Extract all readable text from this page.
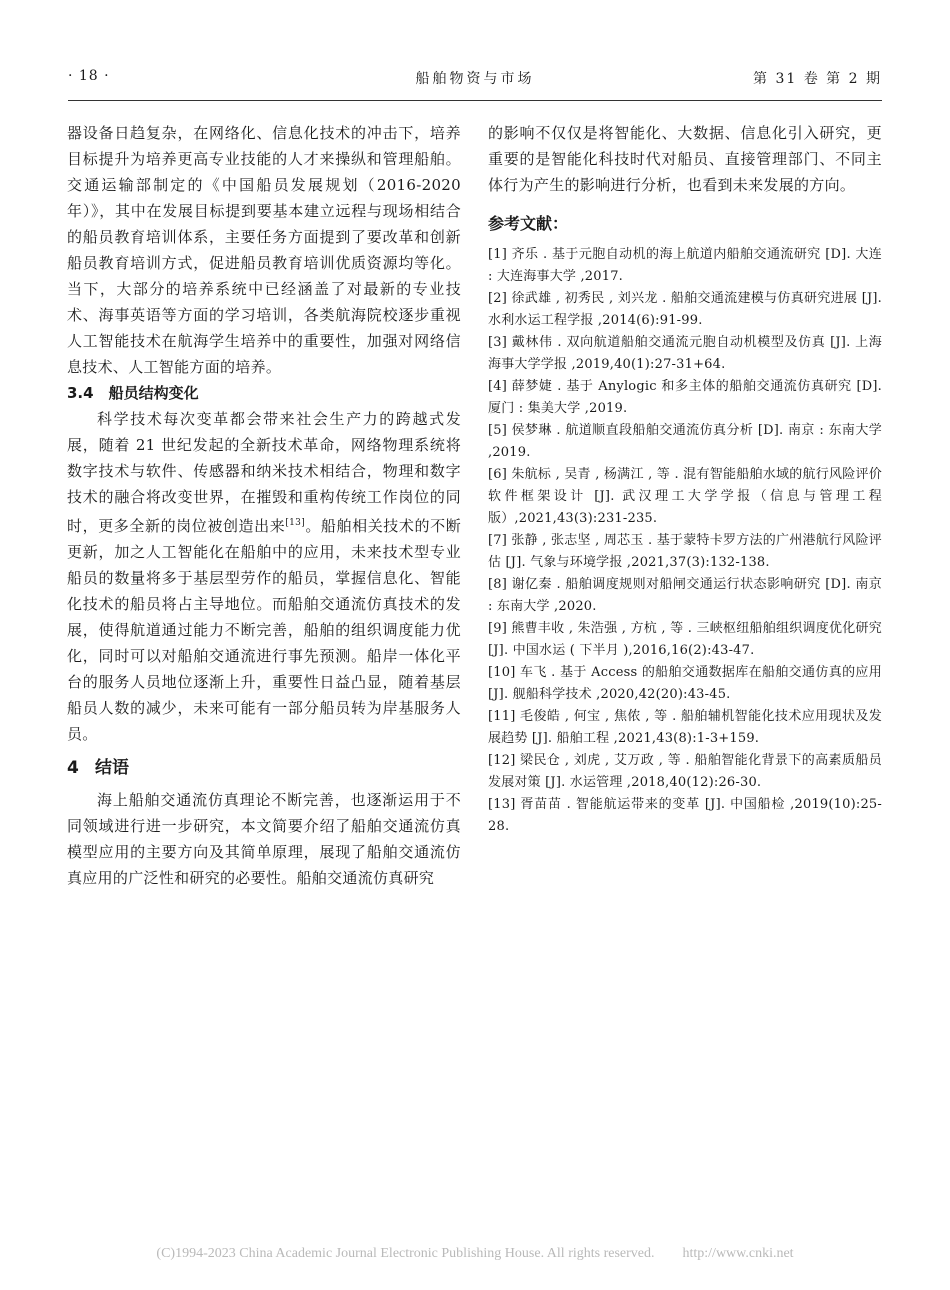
· 18 ·	船舶物资与市场	第 31 卷 第 2 期

器设备日趋复杂，在网络化、信息化技术的冲击下，培养目标提升为培养更高专业技能的人才来操纵和管理船舶。交通运输部制定的《中国船员发展规划（2016-2020 年）》，其中在发展目标提到要基本建立远程与现场相结合的船员教育培训体系，主要任务方面提到了要改革和创新船员教育培训方式，促进船员教育培训优质资源均等化。当下，大部分的培养系统中已经涵盖了对最新的专业技术、海事英语等方面的学习培训，各类航海院校逐步重视人工智能技术在航海学生培养中的重要性，加强对网络信息技术、人工智能方面的培养。

3.4　船员结构变化

科学技术每次变革都会带来社会生产力的跨越式发展，随着 21 世纪发起的全新技术革命，网络物理系统将数字技术与软件、传感器和纳米技术相结合，物理和数字技术的融合将改变世界，在摧毁和重构传统工作岗位的同时，更多全新的岗位被创造出来[13]。船舶相关技术的不断更新，加之人工智能化在船舶中的应用，未来技术型专业船员的数量将多于基层型劳作的船员，掌握信息化、智能化技术的船员将占主导地位。而船舶交通流仿真技术的发展，使得航道通过能力不断完善，船舶的组织调度能力优化，同时可以对船舶交通流进行事先预测。船岸一体化平台的服务人员地位逐渐上升，重要性日益凸显，随着基层船员人数的减少，未来可能有一部分船员转为岸基服务人员。

4 结语

海上船舶交通流仿真理论不断完善，也逐渐运用于不同领域进行进一步研究，本文简要介绍了船舶交通流仿真模型应用的主要方向及其简单原理，展现了船舶交通流仿真应用的广泛性和研究的必要性。船舶交通流仿真研究

的影响不仅仅是将智能化、大数据、信息化引入研究，更重要的是智能化科技时代对船员、直接管理部门、不同主体行为产生的影响进行分析，也看到未来发展的方向。

参考文献：

[1] 齐乐 . 基于元胞自动机的海上航道内船舶交通流研究 [D]. 大连 : 大连海事大学 ,2017.

[2] 徐武雄 , 初秀民 , 刘兴龙 . 船舶交通流建模与仿真研究进展 [J]. 水利水运工程学报 ,2014(6):91-99.

[3] 戴林伟 . 双向航道船舶交通流元胞自动机模型及仿真 [J]. 上海海事大学学报 ,2019,40(1):27-31+64.

[4] 薛梦婕 . 基于 Anylogic 和多主体的船舶交通流仿真研究 [D]. 厦门 : 集美大学 ,2019.

[5] 侯梦琳 . 航道顺直段船舶交通流仿真分析 [D]. 南京 : 东南大学 ,2019.

[6] 朱航标 , 吴青 , 杨满江 , 等 . 混有智能船舶水域的航行风险评价软件框架设计 [J]. 武汉理工大学学报（信息与管理工程版）,2021,43(3):231-235.

[7] 张静 , 张志坚 , 周芯玉 . 基于蒙特卡罗方法的广州港航行风险评估 [J]. 气象与环境学报 ,2021,37(3):132-138.

[8] 谢亿秦 . 船舶调度规则对船闸交通运行状态影响研究 [D]. 南京 : 东南大学 ,2020.

[9] 熊曹丰收 , 朱浩强 , 方杭 , 等 . 三峡枢纽船舶组织调度优化研究 [J]. 中国水运 ( 下半月 ),2016,16(2):43-47.

[10] 车飞 . 基于 Access 的船舶交通数据库在船舶交通仿真的应用 [J]. 舰船科学技术 ,2020,42(20):43-45.

[11] 毛俊皓 , 何宝 , 焦侬 , 等 . 船舶辅机智能化技术应用现状及发展趋势 [J]. 船舶工程 ,2021,43(8):1-3+159.

[12] 梁民仓 , 刘虎 , 艾万政 , 等 . 船舶智能化背景下的高素质船员发展对策 [J]. 水运管理 ,2018,40(12):26-30.

[13] 胥苗苗 . 智能航运带来的变革 [J]. 中国船检 ,2019(10):25-28.

(C)1994-2023 China Academic Journal Electronic Publishing House. All rights reserved.　　http://www.cnki.net
